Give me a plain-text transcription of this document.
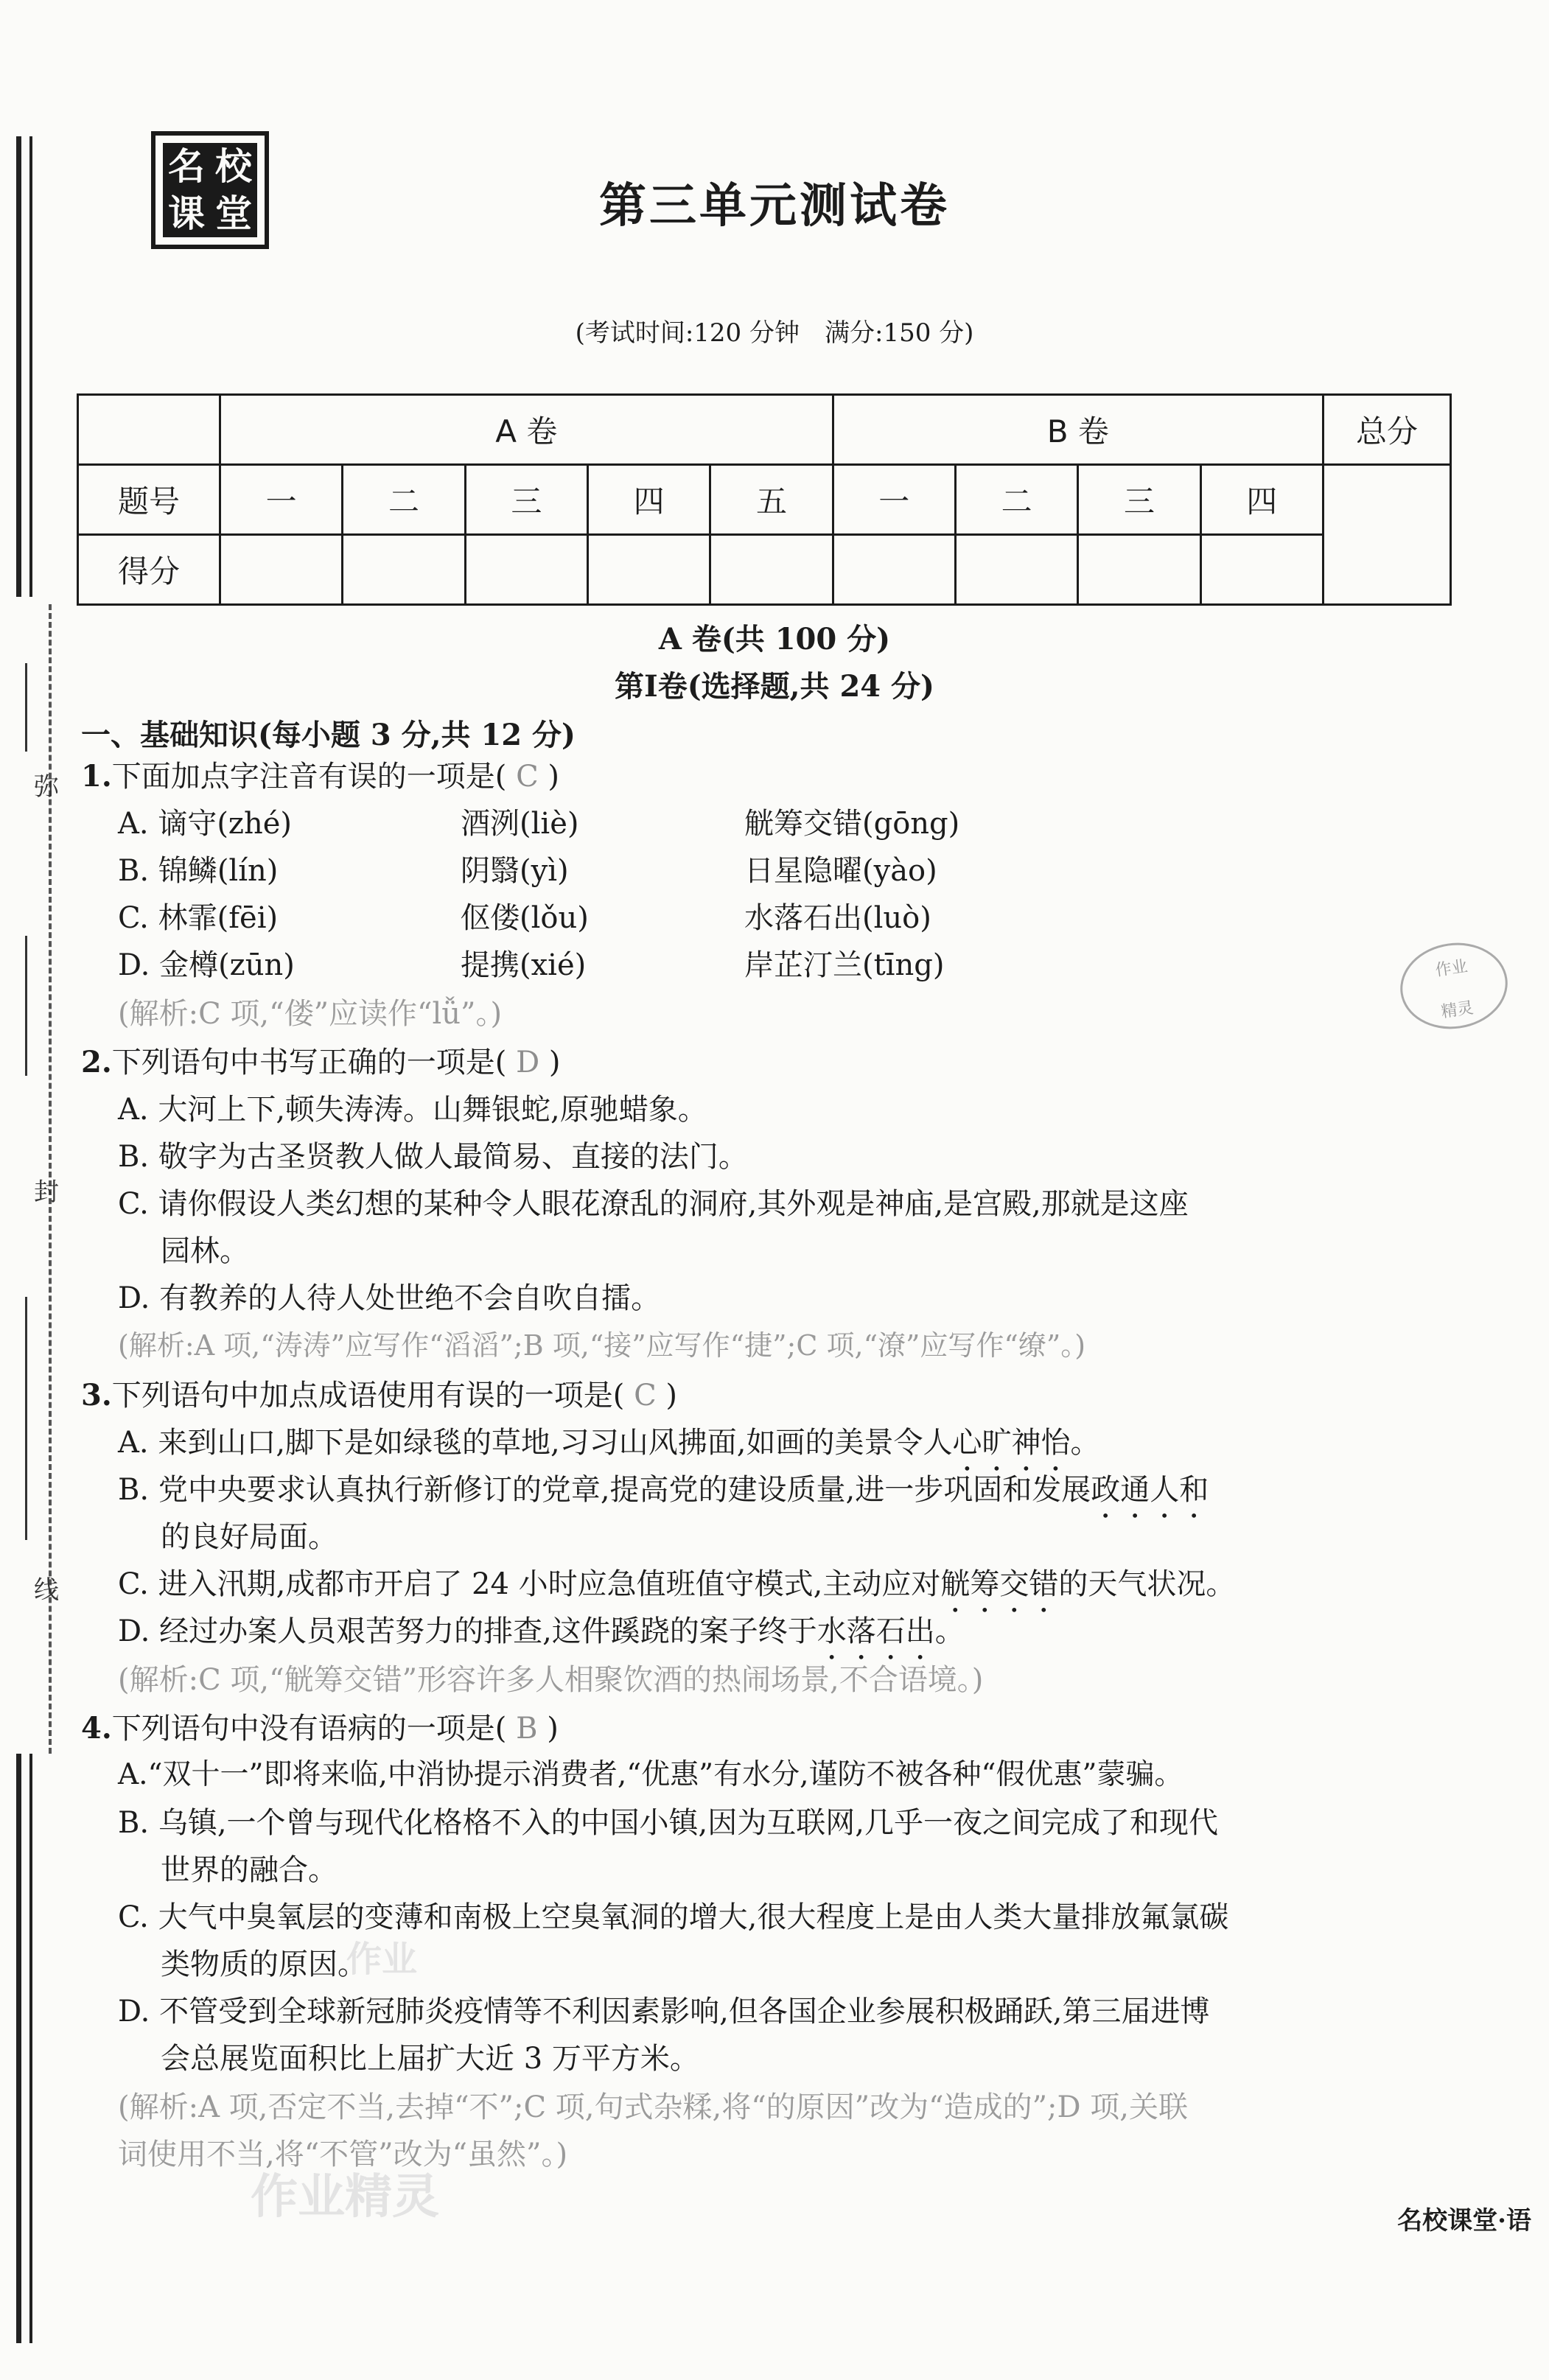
弥
封
线
名 校
课 堂	第三单元测试卷
(考试时间:120 分钟　满分:150 分)
	A 卷					B 卷				总分
题号	一	二	三	四	五	一	二	三	四	
得分										
A 卷(共 100 分)
第Ⅰ卷(选择题,共 24 分)
一、基础知识(每小题 3 分,共 12 分)
1.下面加点字注音有误的一项是( C )
A. 谪守(zhé)	酒洌(liè)	觥筹交错(gōng)
B. 锦鳞(lín)	阴翳(yì)	日星隐曜(yào)
C. 林霏(fēi)	伛偻(lǒu)	水落石出(luò)
D. 金樽(zūn)	提携(xié)	岸芷汀兰(tīng)
(解析:C 项,“偻”应读作“lǚ”。)
2.下列语句中书写正确的一项是( D )
A. 大河上下,顿失涛涛。山舞银蛇,原驰蜡象。
B. 敬字为古圣贤教人做人最简易、直接的法门。
C. 请你假设人类幻想的某种令人眼花潦乱的洞府,其外观是神庙,是宫殿,那就是这座
园林。
D. 有教养的人待人处世绝不会自吹自擂。
(解析:A 项,“涛涛”应写作“滔滔”;B 项,“接”应写作“捷”;C 项,“潦”应写作“缭”。)
3.下列语句中加点成语使用有误的一项是( C )
A. 来到山口,脚下是如绿毯的草地,习习山风拂面,如画的美景令人心旷神怡。
B. 党中央要求认真执行新修订的党章,提高党的建设质量,进一步巩固和发展政通人和
的良好局面。
C. 进入汛期,成都市开启了 24 小时应急值班值守模式,主动应对觥筹交错的天气状况。
D. 经过办案人员艰苦努力的排查,这件蹊跷的案子终于水落石出。
(解析:C 项,“觥筹交错”形容许多人相聚饮酒的热闹场景,不合语境。)
4.下列语句中没有语病的一项是( B )
A.“双十一”即将来临,中消协提示消费者,“优惠”有水分,谨防不被各种“假优惠”蒙骗。
B. 乌镇,一个曾与现代化格格不入的中国小镇,因为互联网,几乎一夜之间完成了和现代
世界的融合。
C. 大气中臭氧层的变薄和南极上空臭氧洞的增大,很大程度上是由人类大量排放氟氯碳
类物质的原因。
D. 不管受到全球新冠肺炎疫情等不利因素影响,但各国企业参展积极踊跃,第三届进博
会总展览面积比上届扩大近 3 万平方米。
(解析:A 项,否定不当,去掉“不”;C 项,句式杂糅,将“的原因”改为“造成的”;D 项,关联
词使用不当,将“不管”改为“虽然”。)
作业
精灵
作业
作业精灵	名校课堂·语
